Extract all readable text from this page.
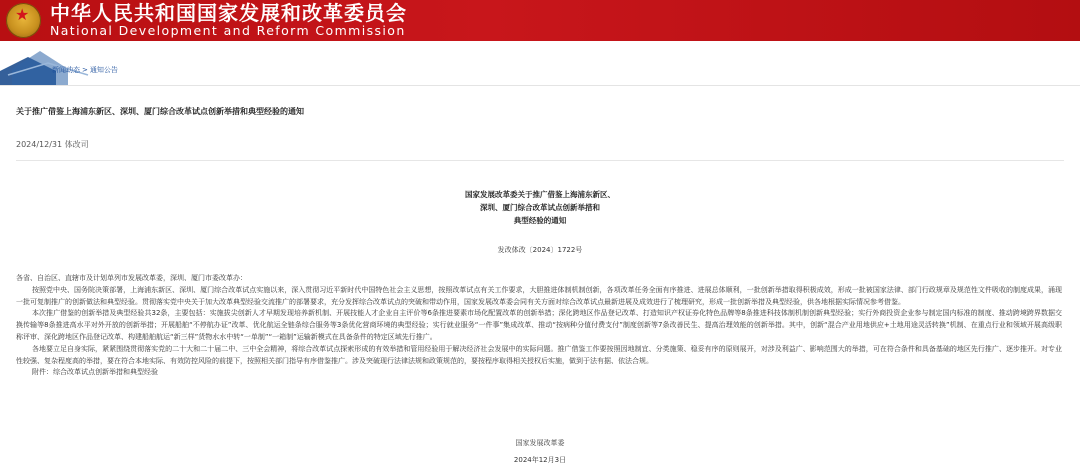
★ 中华人民共和国国家发展和改革委员会
National Development and Reform Commission
新闻动态 > 通知公告
关于推广借鉴上海浦东新区、深圳、厦门综合改革试点创新举措和典型经验的通知
2024/12/31 体改司
国家发展改革委关于推广借鉴上海浦东新区、
深圳、厦门综合改革试点创新举措和
典型经验的通知
发改体改〔2024〕1722号

各省、自治区、直辖市及计划单列市发展改革委，深圳、厦门市委改革办：

按照党中央、国务院决策部署，上海浦东新区、深圳、厦门综合改革试点实施以来，深入贯彻习近平新时代中国特色社会主义思想，按照改革试点有关工作要求，大胆推进体制机制创新，各项改革任务全面有序推进、进展总体顺利，一批创新举措取得积极成效，形成一批被国家法律、部门行政规章及规范性文件吸收的制度成果，涌现一批可复制推广的创新做法和典型经验。贯彻落实党中央关于加大改革典型经验交流推广的部署要求，充分发挥综合改革试点的突破和带动作用，国家发展改革委会同有关方面对综合改革试点最新进展及成效进行了梳理研究，形成一批创新举措及典型经验，供各地根据实际情况参考借鉴。

本次推广借鉴的创新举措及典型经验共32条，主要包括：实施拔尖创新人才早期发现培养新机制、开展技能人才企业自主评价等6条推进要素市场化配置改革的创新举措；深化跨地区作品登记改革、打造知识产权证券化特色品牌等8条推进科技体制机制创新典型经验；实行外商投资企业参与制定国内标准的制度、推动跨境跨界数据交换传输等8条推进高水平对外开放的创新举措；开展船舶“不停航办证”改革、优化航运全链条综合服务等3条优化营商环境的典型经验；实行就业服务“一件事”集成改革、推动“按病种分值付费支付”制度创新等7条改善民生、提高治理效能的创新举措。其中，创新“混合产业用地供应+土地用途灵活转换”机制、在重点行业和领域开展高级职称评审、深化跨地区作品登记改革、构建船舶航运“新三样”货物水水中转“一单制”“一箱制”运输新模式在具备条件的特定区域先行推广。

各地要立足自身实际，紧紧围绕贯彻落实党的二十大和二十届二中、三中全会精神，将综合改革试点探索形成的有效举措和管用经验用于解决经济社会发展中的实际问题。推广借鉴工作要按照因地制宜、分类施策、稳妥有序的原则展开，对涉及利益广、影响范围大的举措，可在符合条件和具备基础的地区先行推广、逐步推开。对专业性较强、复杂程度高的举措，要在符合本地实际、有效防控风险的前提下，按照相关部门指导有序借鉴推广。涉及突破现行法律法规和政策规范的，要按程序取得相关授权后实施，做到于法有据、依法合规。

附件：综合改革试点创新举措和典型经验

国家发展改革委
2024年12月3日
